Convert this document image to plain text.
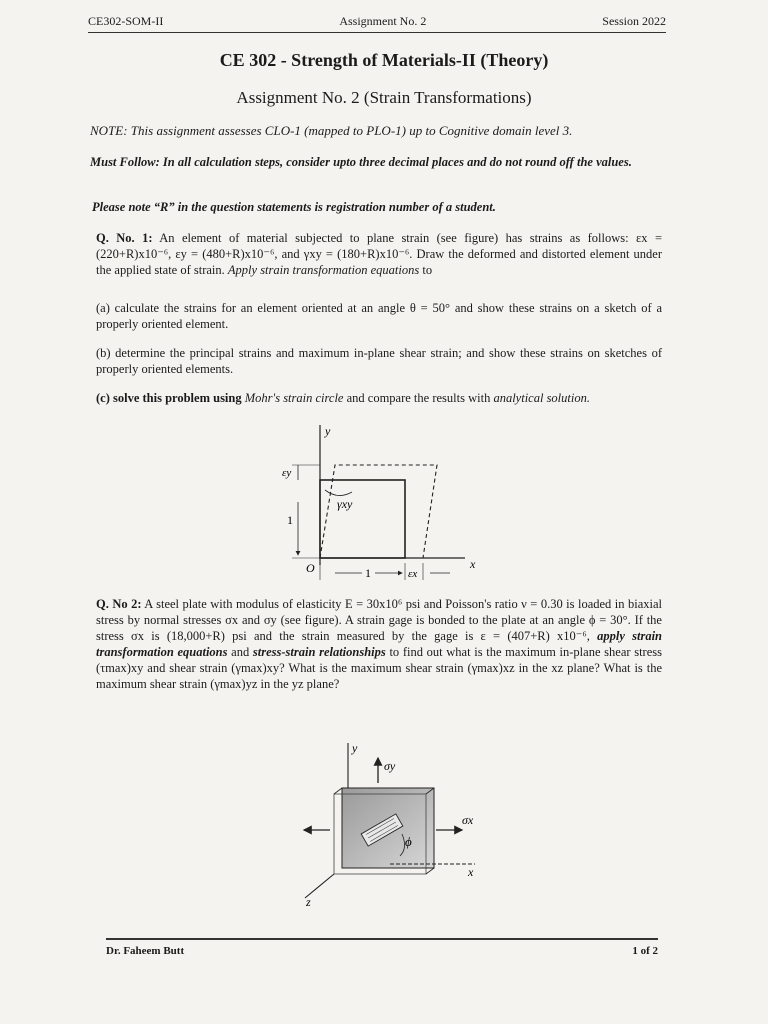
CE302-SOM-II	Assignment No. 2	Session 2022
CE 302 - Strength of Materials-II (Theory)
Assignment No. 2 (Strain Transformations)
NOTE: This assignment assesses CLO-1 (mapped to PLO-1) up to Cognitive domain level 3.
Must Follow: In all calculation steps, consider upto three decimal places and do not round off the values.
Please note “R” in the question statements is registration number of a student.
Q. No. 1: An element of material subjected to plane strain (see figure) has strains as follows: εx = (220+R)x10⁻⁶, εy = (480+R)x10⁻⁶, and γxy = (180+R)x10⁻⁶. Draw the deformed and distorted element under the applied state of strain. Apply strain transformation equations to
(a) calculate the strains for an element oriented at an angle θ = 50° and show these strains on a sketch of a properly oriented element.
(b) determine the principal strains and maximum in-plane shear strain; and show these strains on sketches of properly oriented elements.
(c) solve this problem using Mohr's strain circle and compare the results with analytical solution.
y
x
O
γxy
εy
1
1	εx
Q. No 2: A steel plate with modulus of elasticity E = 30x10⁶ psi and Poisson's ratio ν = 0.30 is loaded in biaxial stress by normal stresses σx and σy (see figure). A strain gage is bonded to the plate at an angle ϕ = 30°. If the stress σx is (18,000+R) psi and the strain measured by the gage is ε = (407+R) x10⁻⁶, apply strain transformation equations and stress-strain relationships to find out what is the maximum in-plane shear stress (τmax)xy and shear strain (γmax)xy? What is the maximum shear strain (γmax)xz in the xz plane? What is the maximum shear strain (γmax)yz in the yz plane?
y
σy
σx
x
z
ϕ
Dr. Faheem Butt	1 of 2
